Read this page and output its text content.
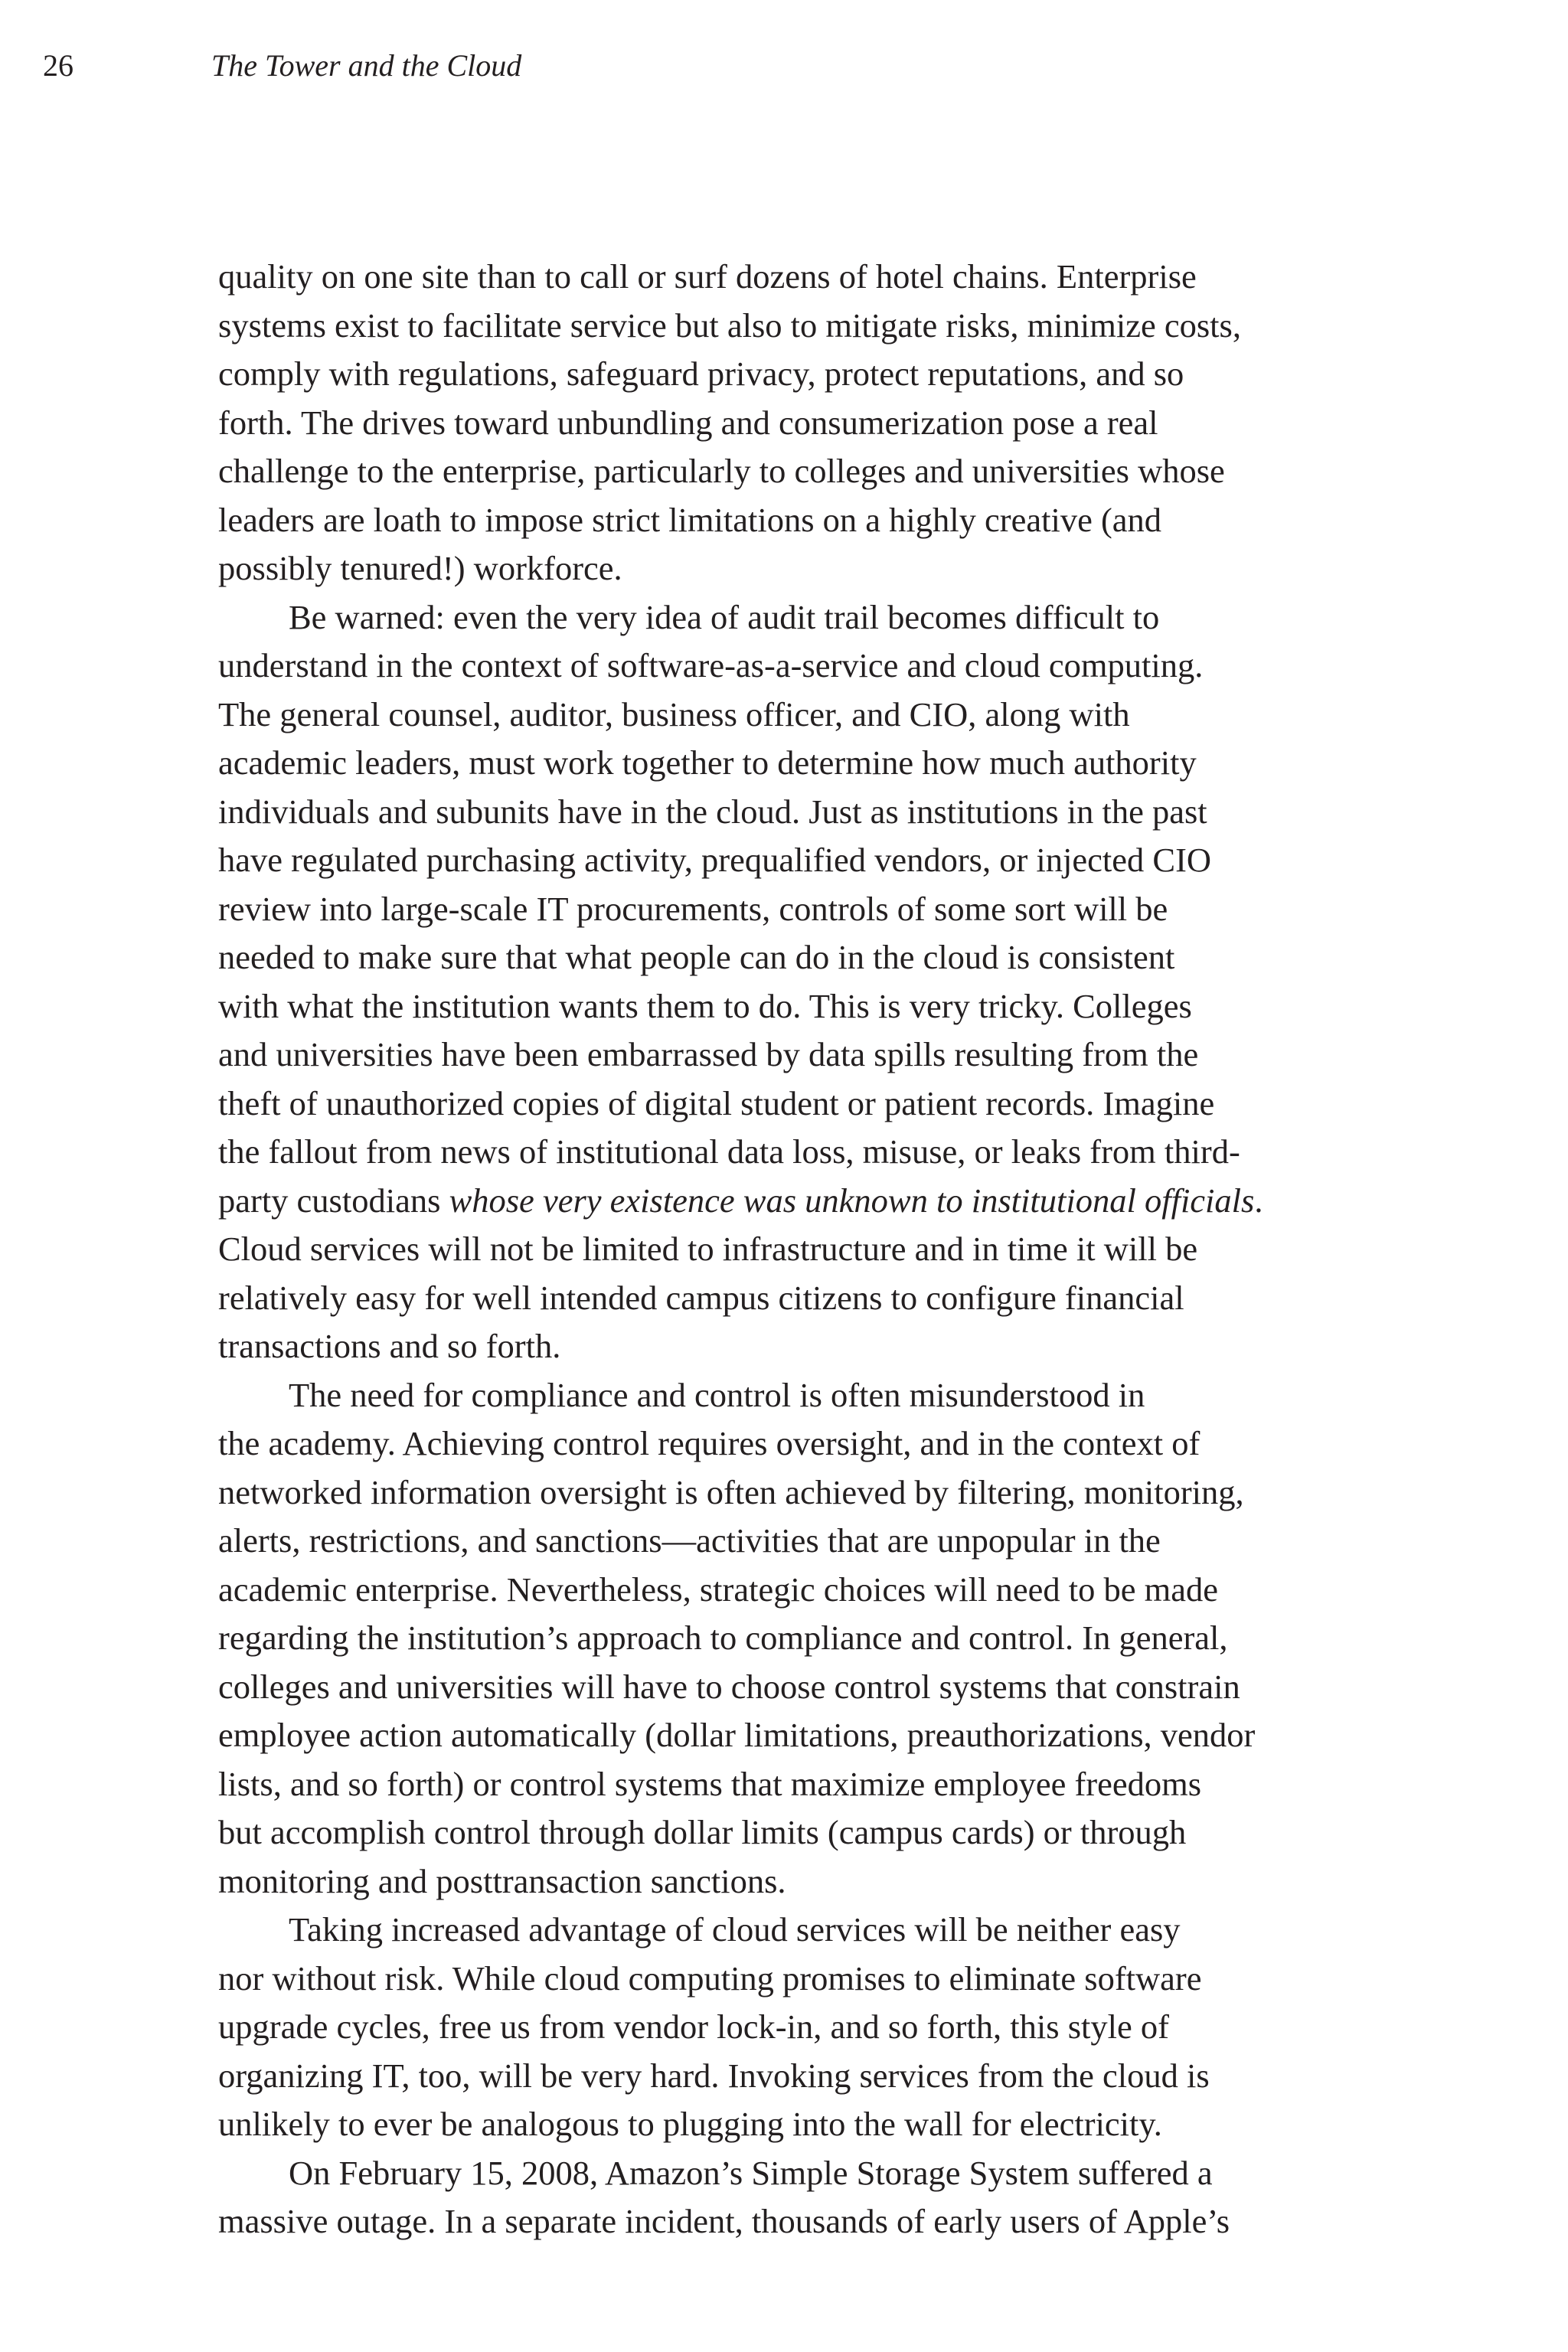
26	The Tower and the Cloud
quality on one site than to call or surf dozens of hotel chains. Enterprise
systems exist to facilitate service but also to mitigate risks, minimize costs,
comply with regulations, safeguard privacy, protect reputations, and so
forth. The drives toward unbundling and consumerization pose a real
challenge to the enterprise, particularly to colleges and universities whose
leaders are loath to impose strict limitations on a highly creative (and
possibly tenured!) workforce.
Be warned: even the very idea of audit trail becomes difficult to
understand in the context of software-as-a-service and cloud computing.
The general counsel, auditor, business officer, and CIO, along with
academic leaders, must work together to determine how much authority
individuals and subunits have in the cloud. Just as institutions in the past
have regulated purchasing activity, prequalified vendors, or injected CIO
review into large-scale IT procurements, controls of some sort will be
needed to make sure that what people can do in the cloud is consistent
with what the institution wants them to do. This is very tricky. Colleges
and universities have been embarrassed by data spills resulting from the
theft of unauthorized copies of digital student or patient records. Imagine
the fallout from news of institutional data loss, misuse, or leaks from third-
party custodians whose very existence was unknown to institutional officials.
Cloud services will not be limited to infrastructure and in time it will be
relatively easy for well intended campus citizens to configure financial
transactions and so forth.
The need for compliance and control is often misunderstood in
the academy. Achieving control requires oversight, and in the context of
networked information oversight is often achieved by filtering, monitoring,
alerts, restrictions, and sanctions—activities that are unpopular in the
academic enterprise. Nevertheless, strategic choices will need to be made
regarding the institution’s approach to compliance and control. In general,
colleges and universities will have to choose control systems that constrain
employee action automatically (dollar limitations, preauthorizations, vendor
lists, and so forth) or control systems that maximize employee freedoms
but accomplish control through dollar limits (campus cards) or through
monitoring and posttransaction sanctions.
Taking increased advantage of cloud services will be neither easy
nor without risk. While cloud computing promises to eliminate software
upgrade cycles, free us from vendor lock-in, and so forth, this style of
organizing IT, too, will be very hard. Invoking services from the cloud is
unlikely to ever be analogous to plugging into the wall for electricity.
On February 15, 2008, Amazon’s Simple Storage System suffered a
massive outage. In a separate incident, thousands of early users of Apple’s
